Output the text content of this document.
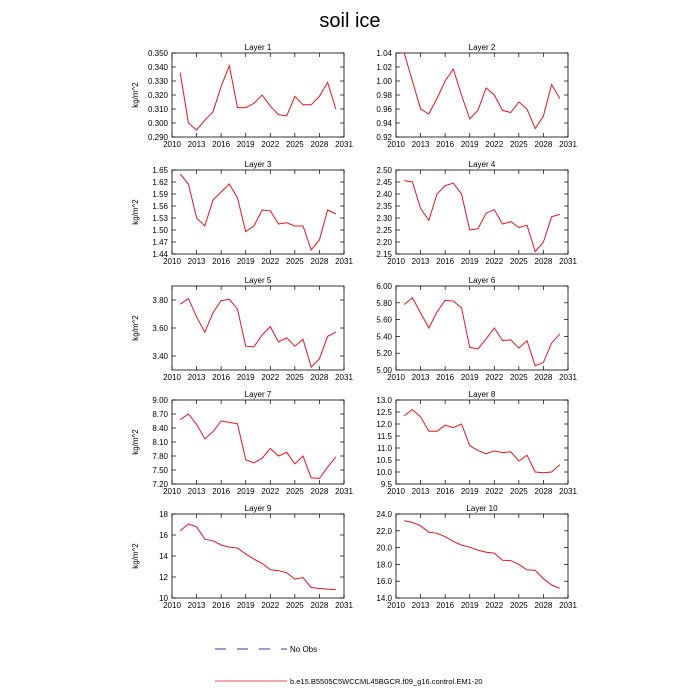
soil ice
Layer 1
2010 2013 2016 2019 2022 2025 2028 2031
0.290
0.300
0.310
0.320
0.330
0.340
0.350
kg/m^2
Layer 2
2010 2013 2016 2019 2022 2025 2028 2031
0.92
0.94
0.96
0.98
1.00
1.02
1.04
Layer 3
2010 2013 2016 2019 2022 2025 2028 2031
1.44
1.47
1.50
1.53
1.56
1.59
1.62
1.65
kg/m^2
Layer 4
2010 2013 2016 2019 2022 2025 2028 2031
2.15
2.20
2.25
2.30
2.35
2.40
2.45
2.50
Layer 5
2010 2013 2016 2019 2022 2025 2028 2031
3.40
3.60
3.80
kg/m^2
Layer 6
2010 2013 2016 2019 2022 2025 2028 2031
5.00
5.20
5.40
5.60
5.80
6.00
Layer 7
2010 2013 2016 2019 2022 2025 2028 2031
7.20
7.50
7.80
8.10
8.40
8.70
9.00
kg/m^2
Layer 8
2010 2013 2016 2019 2022 2025 2028 2031
9.5
10.0
10.5
11.0
11.5
12.0
12.5
13.0
Layer 9
2010 2013 2016 2019 2022 2025 2028 2031
10
12
14
16
18
kg/m^2
Layer 10
2010 2013 2016 2019 2022 2025 2028 2031
14.0
16.0
18.0
20.0
22.0
24.0
No Obs
b.e15.B5505C5WCCML45BGCR.f09_g16.control.EM1-20
